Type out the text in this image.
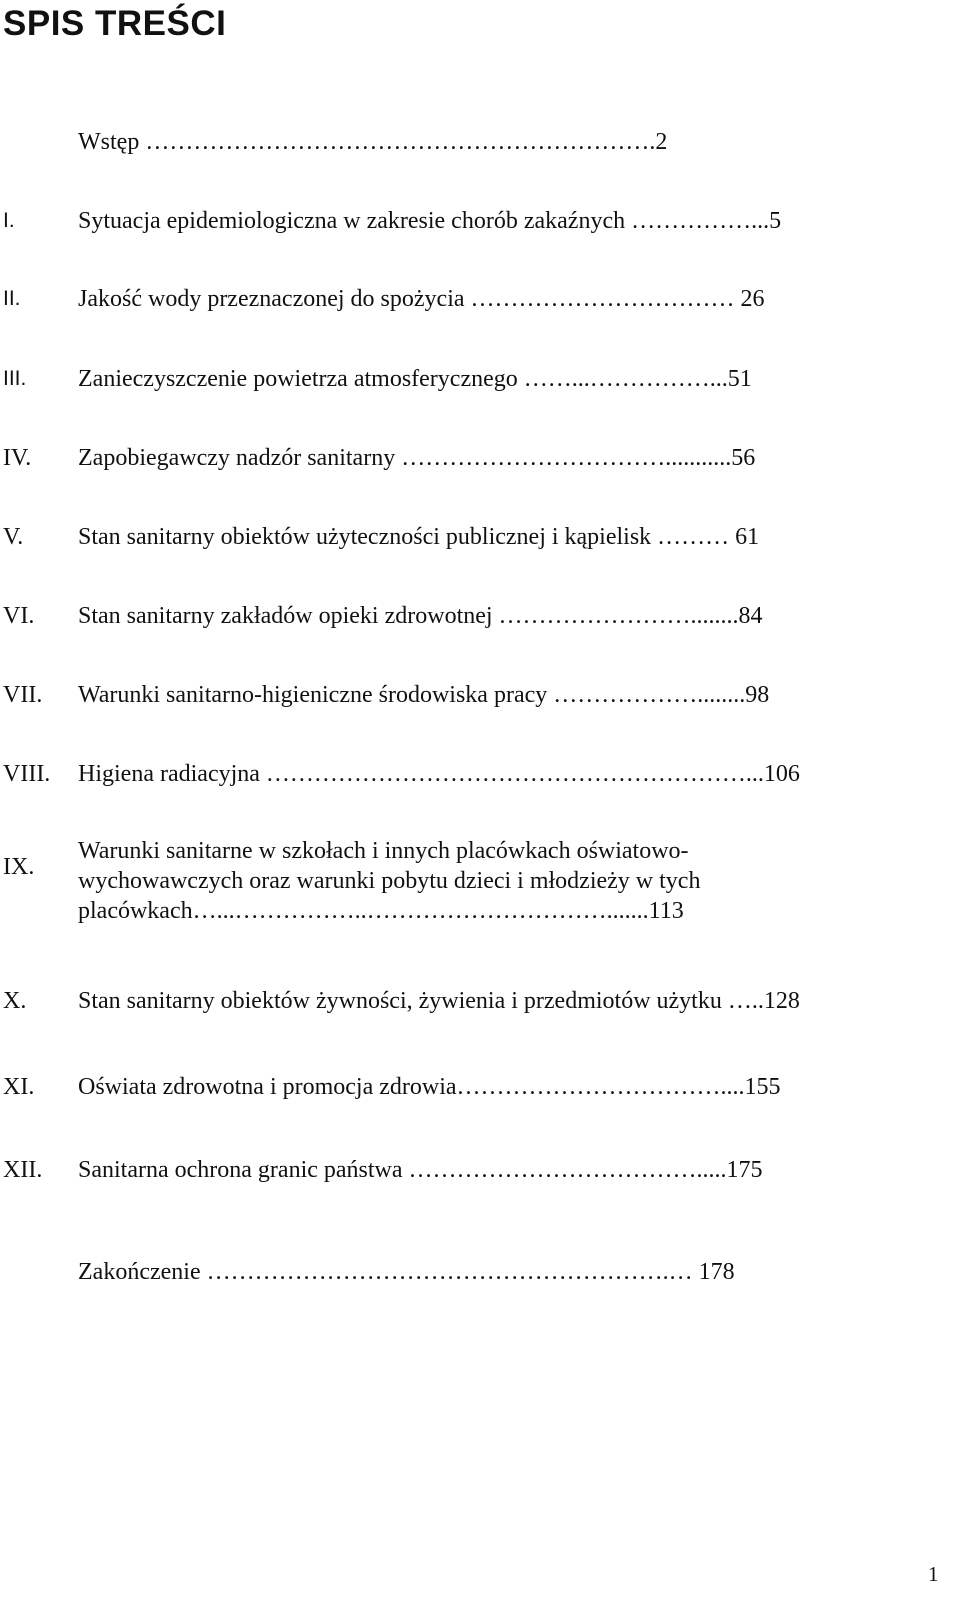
SPIS TREŚCI
Wstęp ……………………………………………………….2
I.	Sytuacja epidemiologiczna w zakresie chorób zakaźnych ……………...5
II. Jakość wody przeznaczonej do spożycia …………………………… 26
III. Zanieczyszczenie powietrza atmosferycznego ……...……………...51
IV. Zapobiegawczy nadzór sanitarny ……………………………...........56
V. Stan sanitarny obiektów użyteczności publicznej i kąpielisk ……… 61
VI. Stan sanitarny zakładów opieki zdrowotnej ……………………........84
VII. Warunki sanitarno-higieniczne środowiska pracy ………………........98
VIII. Higiena radiacyjna ……………………………………………………...106
IX.
Warunki sanitarne w szkołach i innych placówkach oświatowo-wychowawczych oraz warunki pobytu dzieci i młodzieży w tych placówkach…...……………..………………………….......113
X. Stan sanitarny obiektów żywności, żywienia i przedmiotów użytku …..128
XI. Oświata zdrowotna i promocja zdrowia……………………………....155
XII. Sanitarna ochrona granic państwa ……………………………….....175
Zakończenie ………………………………………………….… 178
1
